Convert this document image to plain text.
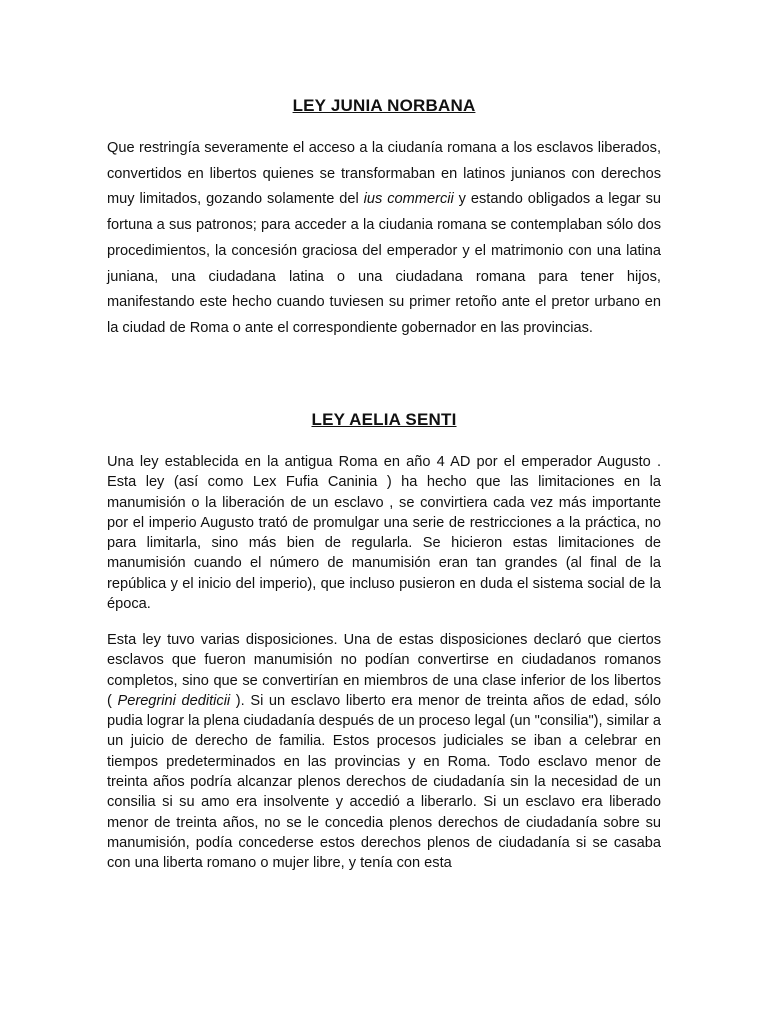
LEY JUNIA NORBANA

Que restringía severamente el acceso a la ciudanía romana a los esclavos liberados, convertidos en libertos quienes se transformaban en latinos junianos con derechos muy limitados, gozando solamente del ius commercii y estando obligados a legar su fortuna a sus patronos; para acceder a la ciudania romana se contemplaban sólo dos procedimientos, la concesión graciosa del emperador y el matrimonio con una latina juniana, una ciudadana latina o una ciudadana romana para tener hijos, manifestando este hecho cuando tuviesen su primer retoño ante el pretor urbano en la ciudad de Roma o ante el correspondiente gobernador en las provincias.

LEY AELIA SENTI

Una ley establecida en la antigua Roma en año 4 AD por el emperador Augusto . Esta ley (así como Lex Fufia Caninia ) ha hecho que las limitaciones en la manumisión o la liberación de un esclavo , se convirtiera cada vez más importante por el imperio Augusto trató de promulgar una serie de restricciones a la práctica, no para limitarla, sino más bien de regularla. Se hicieron estas limitaciones de manumisión cuando el número de manumisión eran tan grandes (al final de la república y el inicio del imperio), que incluso pusieron en duda el sistema social de la época.

Esta ley tuvo varias disposiciones. Una de estas disposiciones declaró que ciertos esclavos que fueron manumisión no podían convertirse en ciudadanos romanos completos, sino que se convertirían en miembros de una clase inferior de los libertos ( Peregrini dediticii ). Si un esclavo liberto era menor de treinta años de edad, sólo pudia lograr la plena ciudadanía después de un proceso legal (un "consilia"), similar a un juicio de derecho de familia. Estos procesos judiciales se iban a celebrar en tiempos predeterminados en las provincias y en Roma. Todo esclavo menor de treinta años podría alcanzar plenos derechos de ciudadanía sin la necesidad de un consilia si su amo era insolvente y accedió a liberarlo. Si un esclavo era liberado menor de treinta años, no se le concedia plenos derechos de ciudadanía sobre su manumisión, podía concederse estos derechos plenos de ciudadanía si se casaba con una liberta romano o mujer libre, y tenía con esta
